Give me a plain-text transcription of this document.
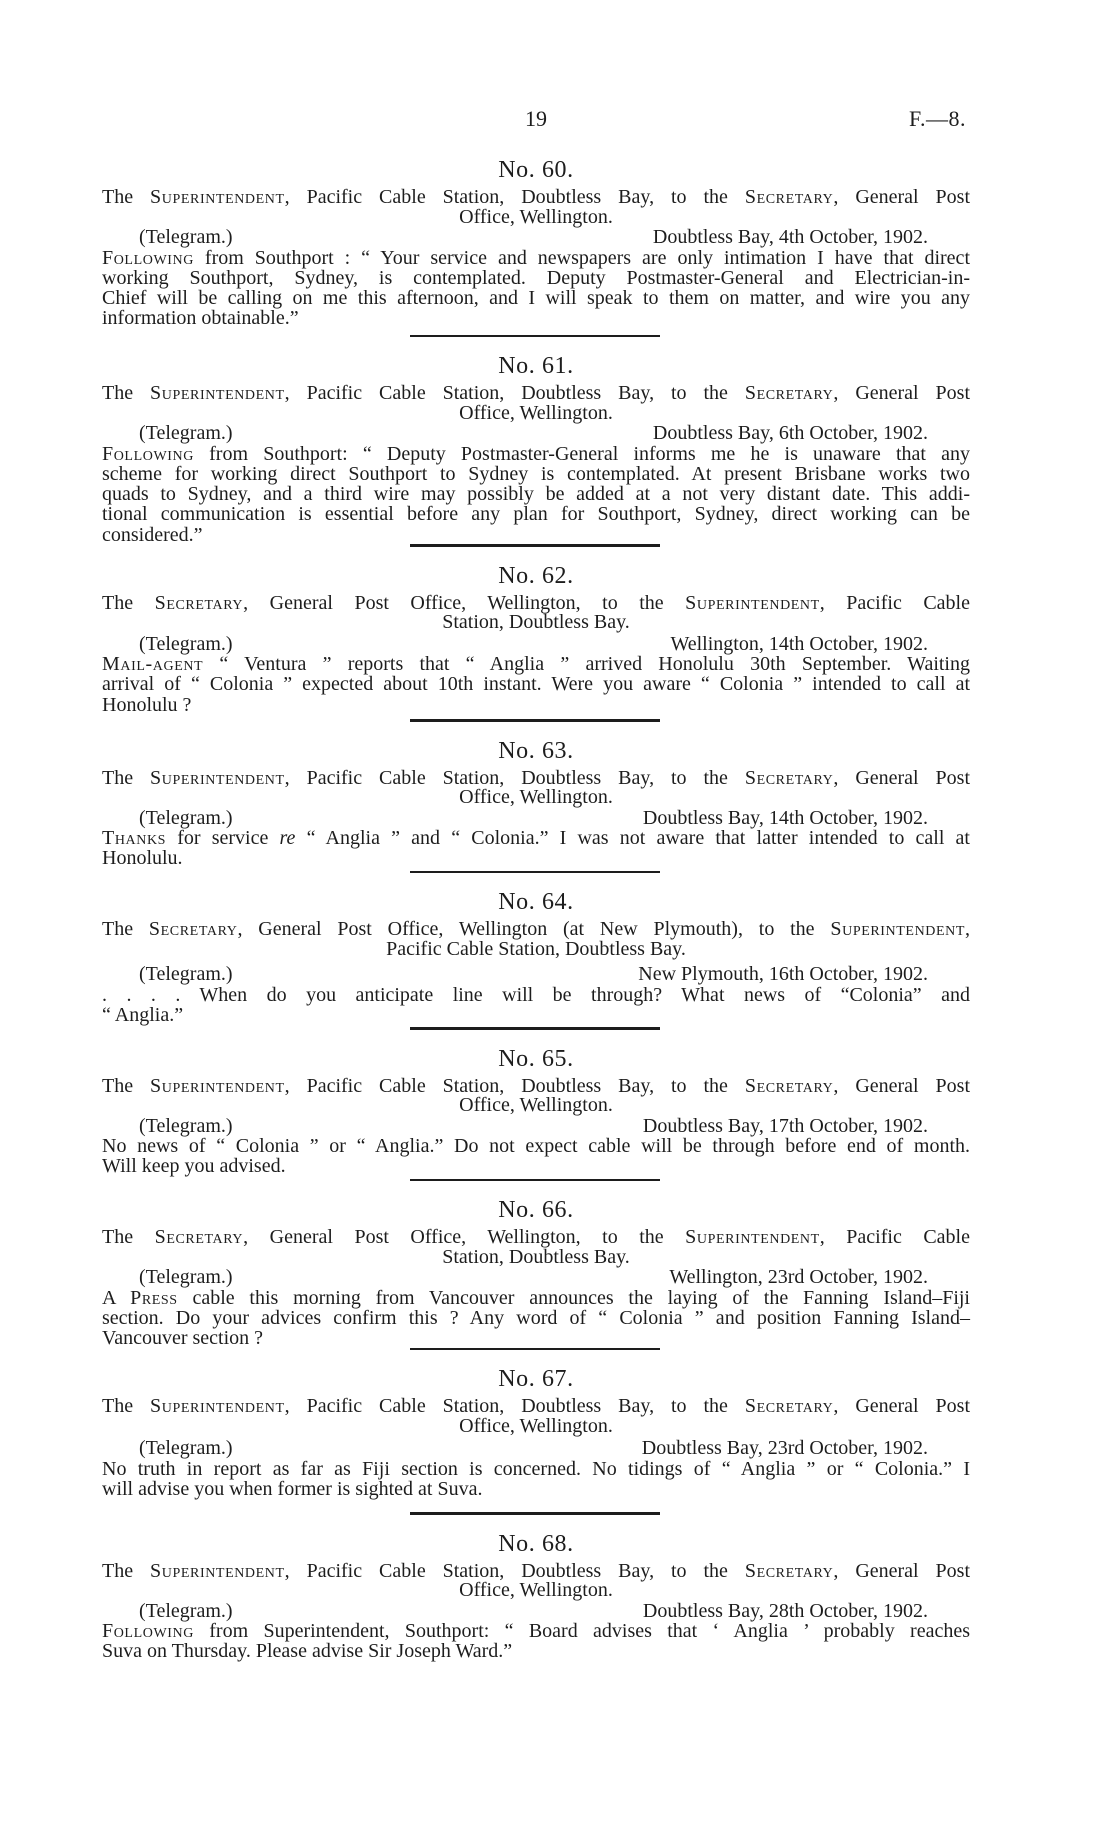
19	F.—8.
No. 60.
The Superintendent, Pacific Cable Station, Doubtless Bay, to the Secretary, General Post
Office, Wellington.
(Telegram.)	Doubtless Bay, 4th October, 1902.
Following from Southport : “ Your service and newspapers are only intimation I have that direct
working Southport, Sydney, is contemplated. Deputy Postmaster-General and Electrician-in-
Chief will be calling on me this afternoon, and I will speak to them on matter, and wire you any
information obtainable.”
No. 61.
The Superintendent, Pacific Cable Station, Doubtless Bay, to the Secretary, General Post
Office, Wellington.
(Telegram.)	Doubtless Bay, 6th October, 1902.
Following from Southport: “ Deputy Postmaster-General informs me he is unaware that any
scheme for working direct Southport to Sydney is contemplated. At present Brisbane works two
quads to Sydney, and a third wire may possibly be added at a not very distant date. This addi-
tional communication is essential before any plan for Southport, Sydney, direct working can be
considered.”
No. 62.
The Secretary, General Post Office, Wellington, to the Superintendent, Pacific Cable
Station, Doubtless Bay.
(Telegram.)	Wellington, 14th October, 1902.
Mail-agent “ Ventura ” reports that “ Anglia ” arrived Honolulu 30th September. Waiting
arrival of “ Colonia ” expected about 10th instant. Were you aware “ Colonia ” intended to call at
Honolulu ?
No. 63.
The Superintendent, Pacific Cable Station, Doubtless Bay, to the Secretary, General Post
Office, Wellington.
(Telegram.)	Doubtless Bay, 14th October, 1902.
Thanks for service re “ Anglia ” and “ Colonia.” I was not aware that latter intended to call at
Honolulu.
No. 64.
The Secretary, General Post Office, Wellington (at New Plymouth), to the Superintendent,
Pacific Cable Station, Doubtless Bay.
(Telegram.)	New Plymouth, 16th October, 1902.
. . . . When do you anticipate line will be through? What news of “Colonia” and
“ Anglia.”
No. 65.
The Superintendent, Pacific Cable Station, Doubtless Bay, to the Secretary, General Post
Office, Wellington.
(Telegram.)	Doubtless Bay, 17th October, 1902.
No news of “ Colonia ” or “ Anglia.” Do not expect cable will be through before end of month.
Will keep you advised.
No. 66.
The Secretary, General Post Office, Wellington, to the Superintendent, Pacific Cable
Station, Doubtless Bay.
(Telegram.)	Wellington, 23rd October, 1902.
A Press cable this morning from Vancouver announces the laying of the Fanning Island–Fiji
section. Do your advices confirm this ? Any word of “ Colonia ” and position Fanning Island–
Vancouver section ?
No. 67.
The Superintendent, Pacific Cable Station, Doubtless Bay, to the Secretary, General Post
Office, Wellington.
(Telegram.)	Doubtless Bay, 23rd October, 1902.
No truth in report as far as Fiji section is concerned. No tidings of “ Anglia ” or “ Colonia.” I
will advise you when former is sighted at Suva.
No. 68.
The Superintendent, Pacific Cable Station, Doubtless Bay, to the Secretary, General Post
Office, Wellington.
(Telegram.)	Doubtless Bay, 28th October, 1902.
Following from Superintendent, Southport: “ Board advises that ‘ Anglia ’ probably reaches
Suva on Thursday. Please advise Sir Joseph Ward.”
